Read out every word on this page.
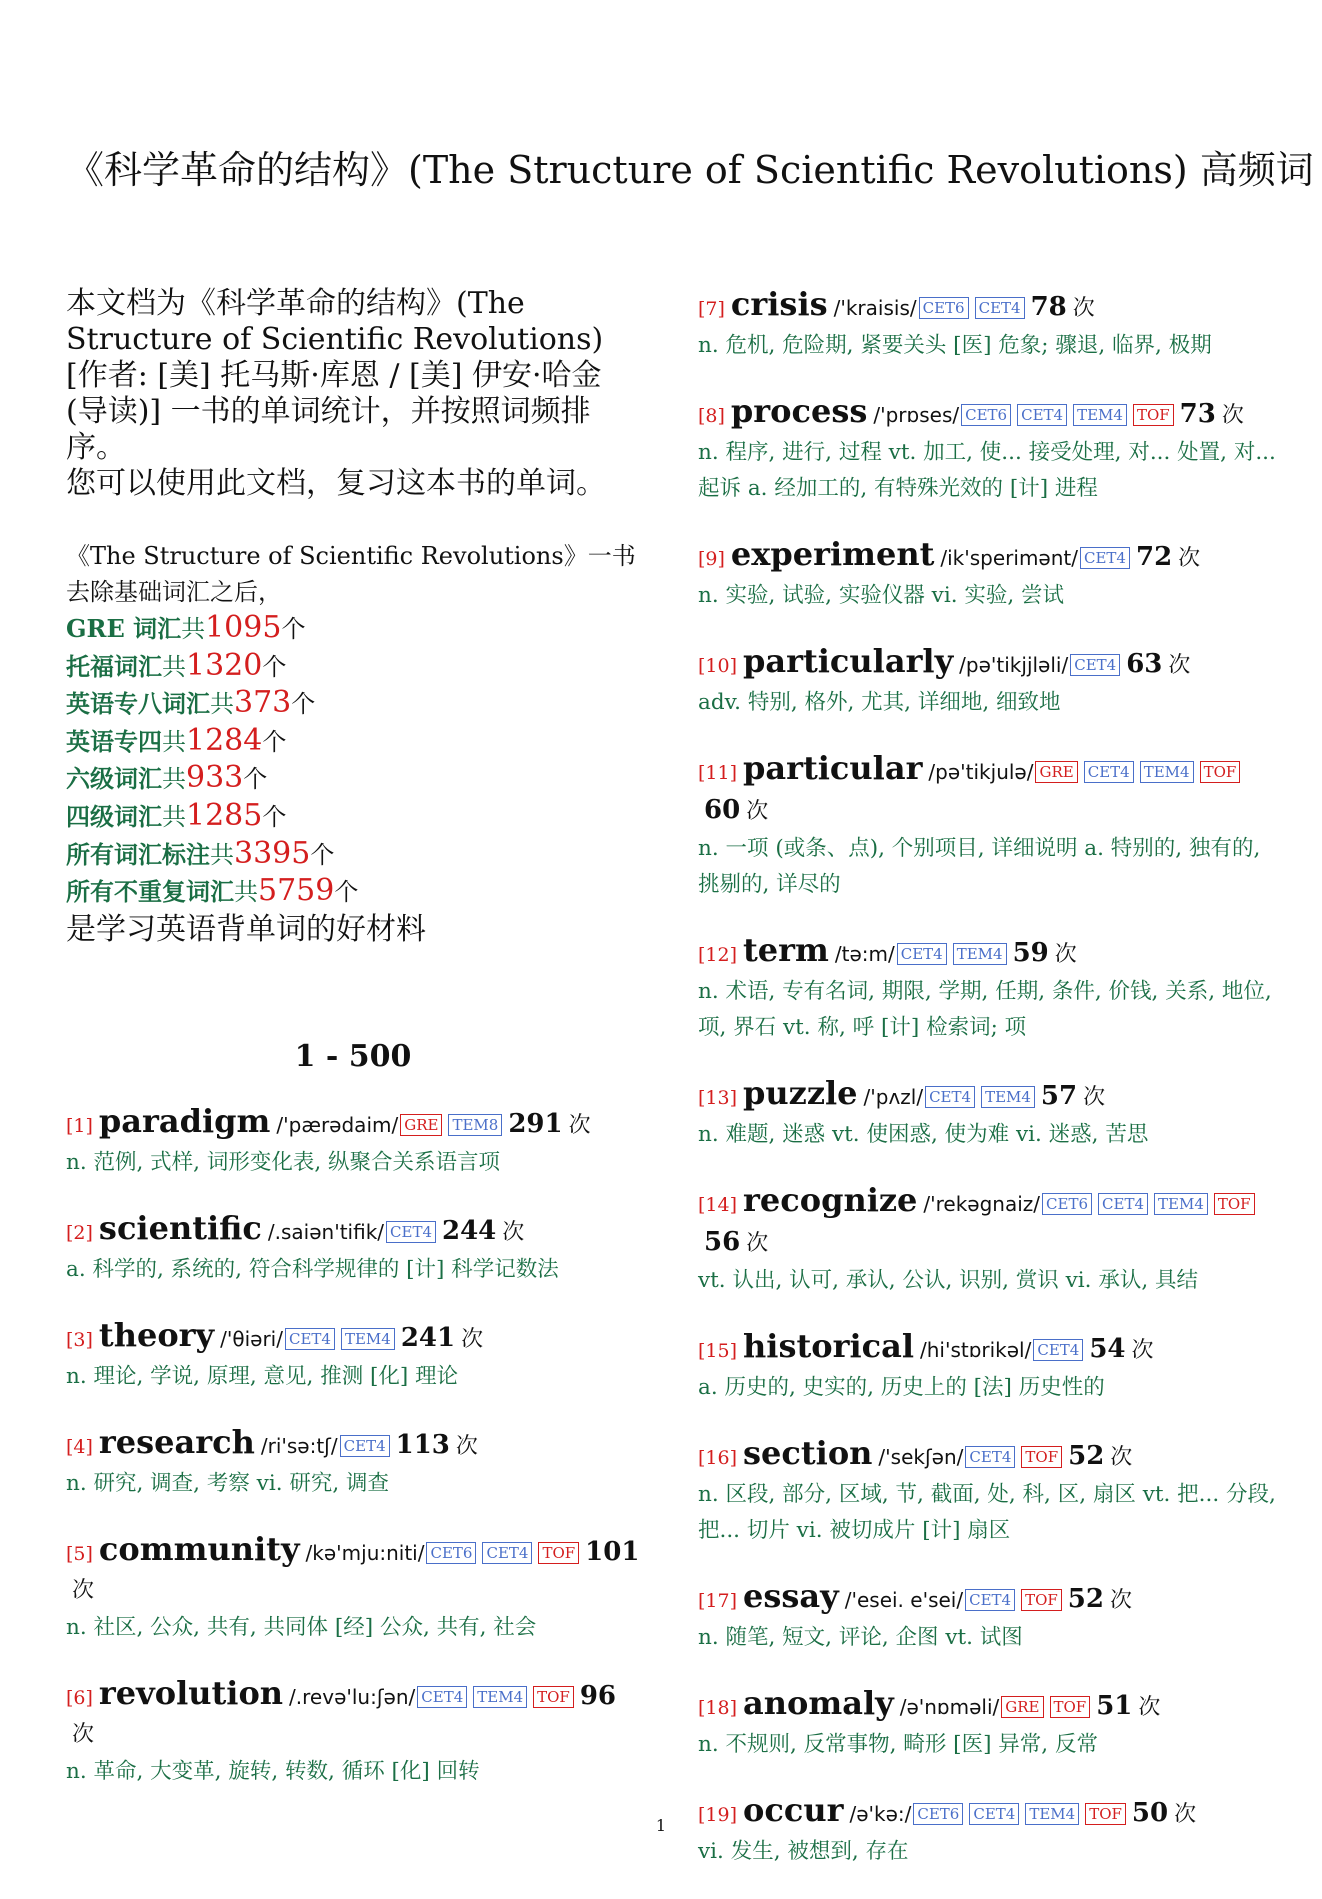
《科学革命的结构》(The Structure of Scientific Revolutions) 高频词

本文档为《科学革命的结构》(The Structure of Scientific Revolutions)[作者: [美] 托马斯·库恩 / [美] 伊安·哈金 (导读)] 一书的单词统计，并按照词频排序。

您可以使用此文档，复习这本书的单词。

《The Structure of Scientific Revolutions》一书去除基础词汇之后，
GRE 词汇共1095个
托福词汇共1320个
英语专八词汇共373个
英语专四共1284个
六级词汇共933个
四级词汇共1285个
所有词汇标注共3395个
所有不重复词汇共5759个
是学习英语背单词的好材料
1 - 500
[1] paradigm /'pærədaim/ GRE TEM8 291 次
n. 范例, 式样, 词形变化表, 纵聚合关系语言项
[2] scientific /.saiən'tifik/ CET4 244 次
a. 科学的, 系统的, 符合科学规律的 [计] 科学记数法
[3] theory /'θiəri/ CET4 TEM4 241 次
n. 理论, 学说, 原理, 意见, 推测 [化] 理论
[4] research /ri'sə:tʃ/ CET4 113 次
n. 研究, 调查, 考察 vi. 研究, 调查
[5] community /kə'mju:niti/ CET6 CET4 TOF 101次
n. 社区, 公众, 共有, 共同体 [经] 公众, 共有, 社会
[6] revolution /.revə'lu:ʃən/ CET4 TEM4 TOF 96次
n. 革命, 大变革, 旋转, 转数, 循环 [化] 回转
[7] crisis /'kraisis/ CET6 CET4 78 次
n. 危机, 危险期, 紧要关头 [医] 危象; 骤退, 临界, 极期
[8] process /'prɒses/ CET6 CET4 TEM4 TOF 73 次
n. 程序, 进行, 过程 vt. 加工, 使... 接受处理, 对... 处置, 对... 起诉 a. 经加工的, 有特殊光效的 [计] 进程
[9] experiment /ik'sperimənt/ CET4 72 次
n. 实验, 试验, 实验仪器 vi. 实验, 尝试
[10] particularly /pə'tikjjləli/ CET4 63 次
adv. 特别, 格外, 尤其, 详细地, 细致地
[11] particular /pə'tikjulə/ GRE CET4 TEM4 TOF60 次
n. 一项 (或条、点), 个别项目, 详细说明 a. 特别的, 独有的, 挑剔的, 详尽的
[12] term /tə:m/ CET4 TEM4 59 次
n. 术语, 专有名词, 期限, 学期, 任期, 条件, 价钱, 关系, 地位, 项, 界石 vt. 称, 呼 [计] 检索词; 项
[13] puzzle /'pʌzl/ CET4 TEM4 57 次
n. 难题, 迷惑 vt. 使困惑, 使为难 vi. 迷惑, 苦思
[14] recognize /'rekəgnaiz/ CET6 CET4 TEM4 TOF56 次
vt. 认出, 认可, 承认, 公认, 识别, 赏识 vi. 承认, 具结
[15] historical /hi'stɒrikəl/ CET4 54 次
a. 历史的, 史实的, 历史上的 [法] 历史性的
[16] section /'sekʃən/ CET4 TOF 52 次
n. 区段, 部分, 区域, 节, 截面, 处, 科, 区, 扇区 vt. 把... 分段, 把... 切片 vi. 被切成片 [计] 扇区
[17] essay /'esei. e'sei/ CET4 TOF 52 次
n. 随笔, 短文, 评论, 企图 vt. 试图
[18] anomaly /ə'nɒməli/ GRE TOF 51 次
n. 不规则, 反常事物, 畸形 [医] 异常, 反常
[19] occur /ə'kə:/ CET6 CET4 TEM4 TOF 50 次
vi. 发生, 被想到, 存在
1
